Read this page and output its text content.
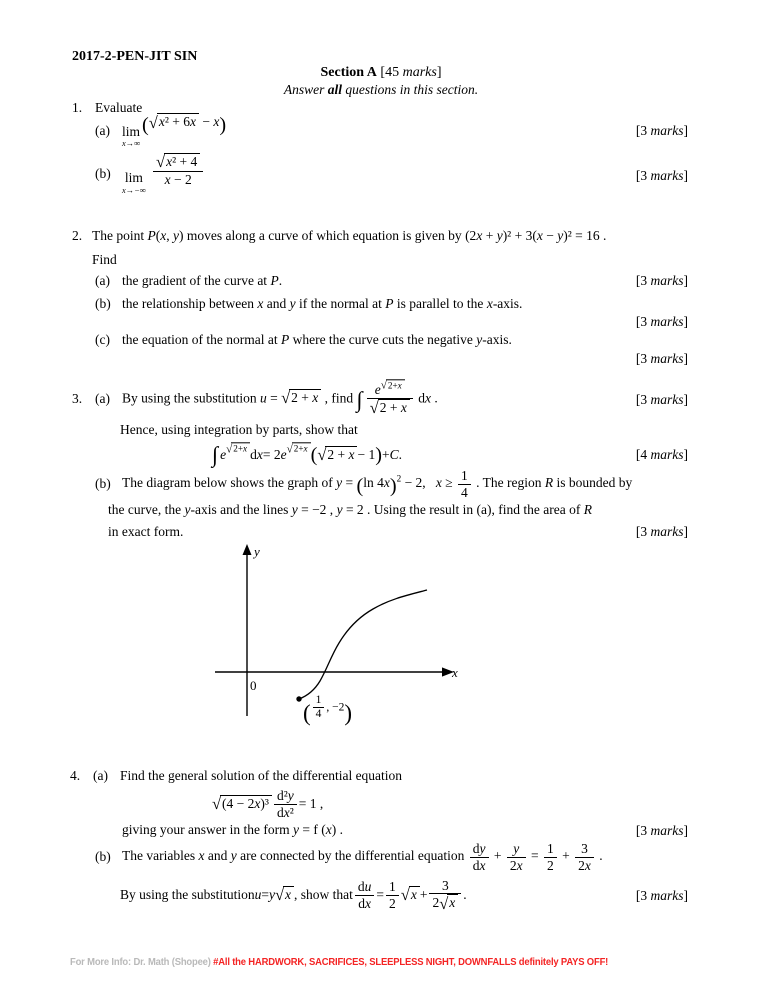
2017-2-PEN-JIT SIN
Section A [45 marks]
Answer all questions in this section.
1. Evaluate
(a) lim
x→∞
(√x² + 6x − x)	[3 marks]
(b)	lim
x→−∞

$\frac{\text{√x² + 4}}{x - 2}$	[3 marks]
2. The point P(x, y) moves along a curve of which equation is given by (2x + y)² + 3(x − y)² = 16 .
Find
(a) the gradient of the curve at P.	[3 marks]
(b) the relationship between x and y if the normal at P is parallel to the x-axis.
[3 marks]
(c) the equation of the normal at P where the curve cuts the negative y-axis.
[3 marks]
3. (a) By using the substitution u = √2 + x , find ∫ $\frac{e√2+x}{√2 + x}$ dx .	[3 marks]
Hence, using integration by parts, show that
∫ e √2+x d x = 2 e √2+x ( √2 + x − 1 ) + C .	[4 marks]
(b) The diagram below shows the graph of y = (ln 4x)2 − 2,   $x \ge \frac{1}{4}$ . The region R is bounded by
the curve, the y-axis and the lines y = −2 , y = 2 . Using the result in (a), find the area of R
in exact form.	[3 marks]
y
x
0
( $\frac{1}{4}$ , −2)
4. (a) Find the general solution of the differential equation
$√(4 - 2x)^3 \frac{\text{d²y}}{\text{dx²}} = 1$ ,
giving your answer in the form y = f (x) .	[3 marks]
(b) The variables x and y are connected by the differential equation $\frac{dy}{dx} + \frac{y}{2x} = \frac{1}{2} + \frac{3}{2x}$ .
By using the substitution u = y √x , show that $\frac{du}{dx} = \frac{1}{2} √x + \frac{3}{2√x}$ .	[3 marks]
For More Info: Dr. Math (Shopee) #All the HARDWORK, SACRIFICES, SLEEPLESS NIGHT, DOWNFALLS definitely PAYS OFF!
